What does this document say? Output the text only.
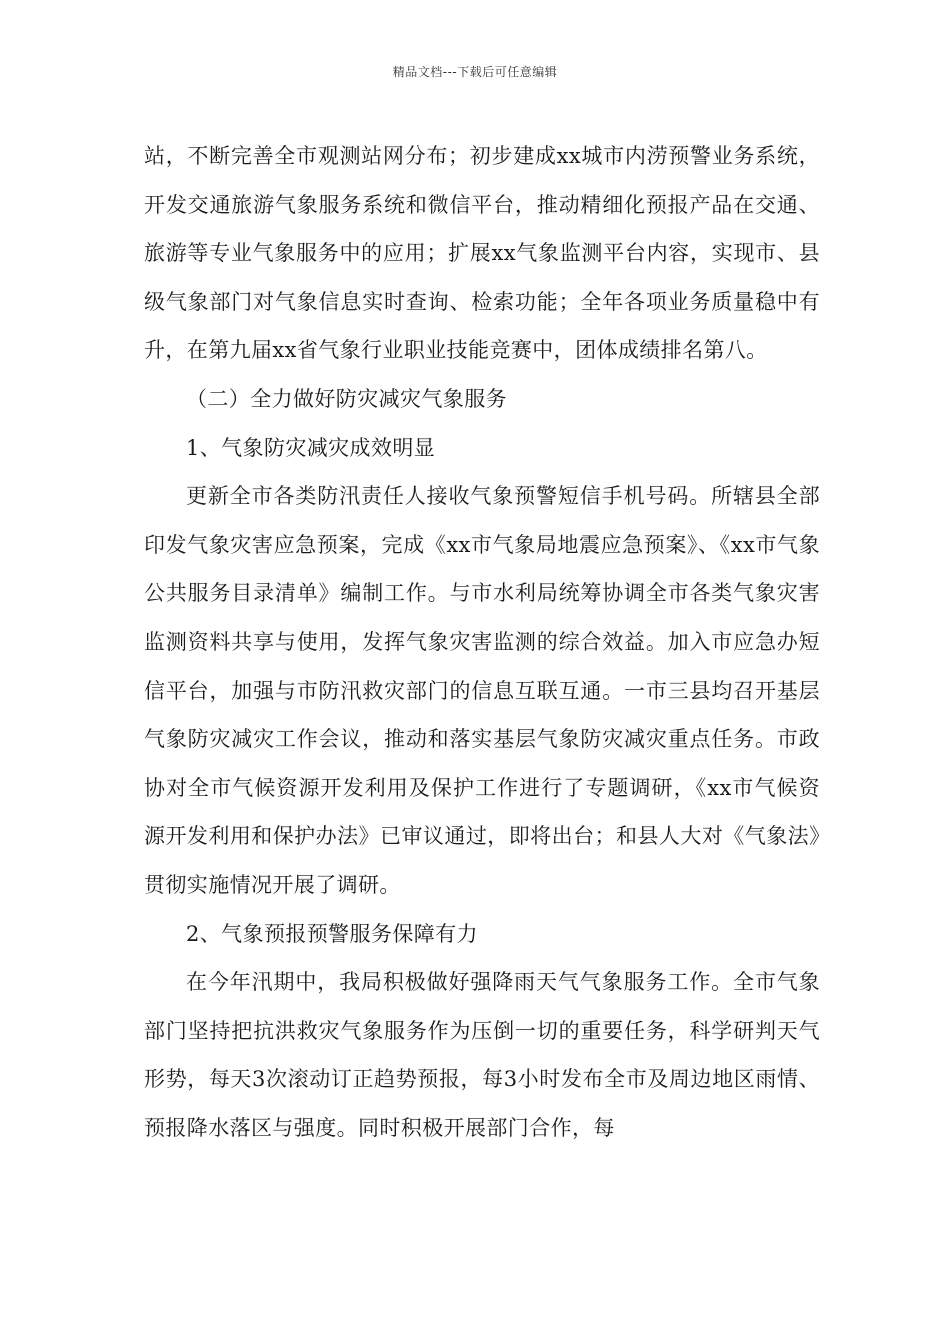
精品文档---下载后可任意编辑

站，不断完善全市观测站网分布；初步建成xx城市内涝预警业务系统，开发交通旅游气象服务系统和微信平台，推动精细化预报产品在交通、旅游等专业气象服务中的应用；扩展xx气象监测平台内容，实现市、县级气象部门对气象信息实时查询、检索功能；全年各项业务质量稳中有升，在第九届xx省气象行业职业技能竞赛中，团体成绩排名第八。

（二）全力做好防灾减灾气象服务

1、气象防灾减灾成效明显

更新全市各类防汛责任人接收气象预警短信手机号码。所辖县全部印发气象灾害应急预案，完成《xx市气象局地震应急预案》、《xx市气象公共服务目录清单》编制工作。与市水利局统筹协调全市各类气象灾害监测资料共享与使用，发挥气象灾害监测的综合效益。加入市应急办短信平台，加强与市防汛救灾部门的信息互联互通。一市三县均召开基层气象防灾减灾工作会议，推动和落实基层气象防灾减灾重点任务。市政协对全市气候资源开发利用及保护工作进行了专题调研，《xx市气候资源开发利用和保护办法》已审议通过，即将出台；和县人大对《气象法》贯彻实施情况开展了调研。

2、气象预报预警服务保障有力

在今年汛期中，我局积极做好强降雨天气气象服务工作。全市气象部门坚持把抗洪救灾气象服务作为压倒一切的重要任务，科学研判天气形势，每天3次滚动订正趋势预报，每3小时发布全市及周边地区雨情、预报降水落区与强度。同时积极开展部门合作，每
